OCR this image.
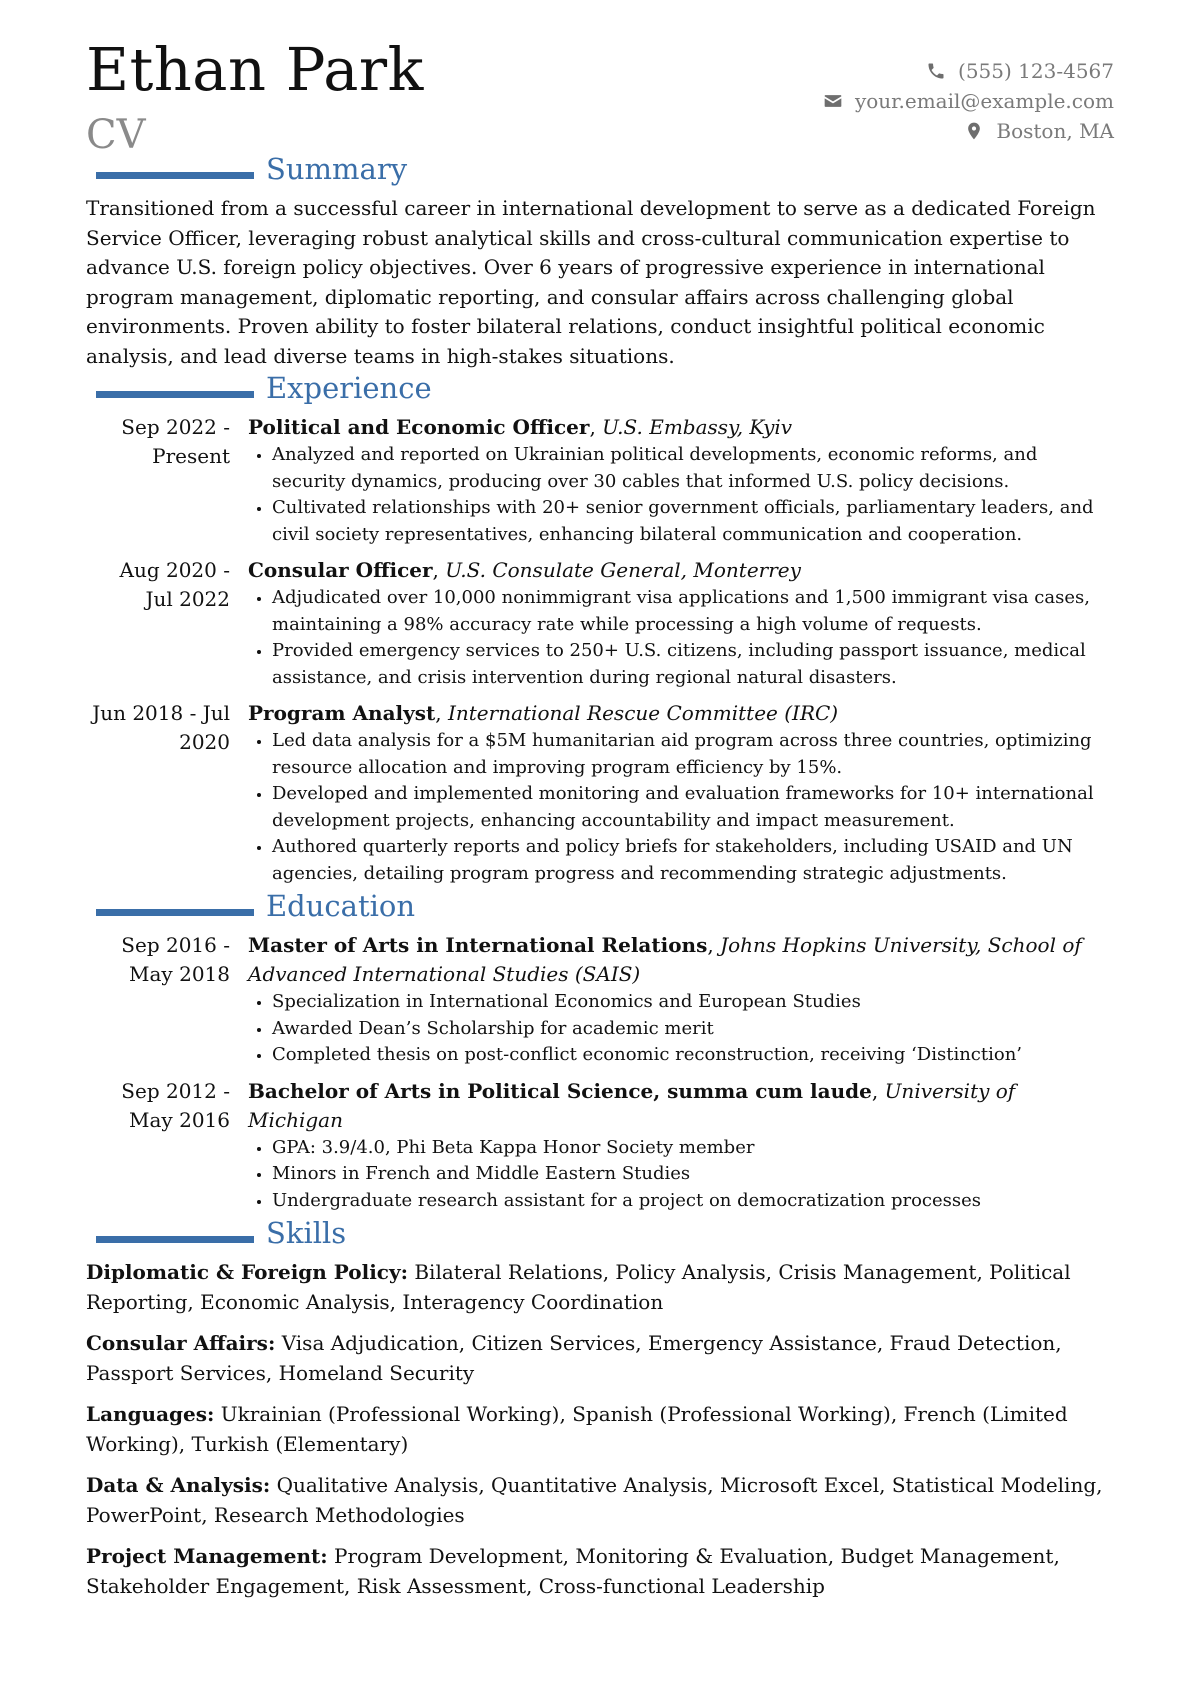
Ethan Park
CV
(555) 123-4567
your.email@example.com
Boston, MA
Summary

Transitioned from a successful career in international development to serve as a dedicated Foreign Service Officer, leveraging robust analytical skills and cross-cultural communication expertise to advance U.S. foreign policy objectives. Over 6 years of progressive experience in international program management, diplomatic reporting, and consular affairs across challenging global environments. Proven ability to foster bilateral relations, conduct insightful political economic analysis, and lead diverse teams in high-stakes situations.

Experience
Sep 2022 - Present
Political and Economic Officer, U.S. Embassy, Kyiv
• Analyzed and reported on Ukrainian political developments, economic reforms, and security dynamics, producing over 30 cables that informed U.S. policy decisions.
• Cultivated relationships with 20+ senior government officials, parliamentary leaders, and civil society representatives, enhancing bilateral communication and cooperation.
Aug 2020 - Jul 2022
Consular Officer, U.S. Consulate General, Monterrey
• Adjudicated over 10,000 nonimmigrant visa applications and 1,500 immigrant visa cases, maintaining a 98% accuracy rate while processing a high volume of requests.
• Provided emergency services to 250+ U.S. citizens, including passport issuance, medical assistance, and crisis intervention during regional natural disasters.
Jun 2018 - Jul 2020
Program Analyst, International Rescue Committee (IRC)
• Led data analysis for a $5M humanitarian aid program across three countries, optimizing resource allocation and improving program efficiency by 15%.
• Developed and implemented monitoring and evaluation frameworks for 10+ international development projects, enhancing accountability and impact measurement.
• Authored quarterly reports and policy briefs for stakeholders, including USAID and UN agencies, detailing program progress and recommending strategic adjustments.
Education
Sep 2016 - May 2018
Master of Arts in International Relations, Johns Hopkins University, School of Advanced International Studies (SAIS)
• Specialization in International Economics and European Studies
• Awarded Dean’s Scholarship for academic merit
• Completed thesis on post-conflict economic reconstruction, receiving ‘Distinction’
Sep 2012 - May 2016
Bachelor of Arts in Political Science, summa cum laude, University of Michigan
• GPA: 3.9/4.0, Phi Beta Kappa Honor Society member
• Minors in French and Middle Eastern Studies
• Undergraduate research assistant for a project on democratization processes
Skills

Diplomatic & Foreign Policy: Bilateral Relations, Policy Analysis, Crisis Management, Political Reporting, Economic Analysis, Interagency Coordination

Consular Affairs: Visa Adjudication, Citizen Services, Emergency Assistance, Fraud Detection, Passport Services, Homeland Security

Languages: Ukrainian (Professional Working), Spanish (Professional Working), French (Limited Working), Turkish (Elementary)

Data & Analysis: Qualitative Analysis, Quantitative Analysis, Microsoft Excel, Statistical Modeling, PowerPoint, Research Methodologies

Project Management: Program Development, Monitoring & Evaluation, Budget Management, Stakeholder Engagement, Risk Assessment, Cross-functional Leadership
